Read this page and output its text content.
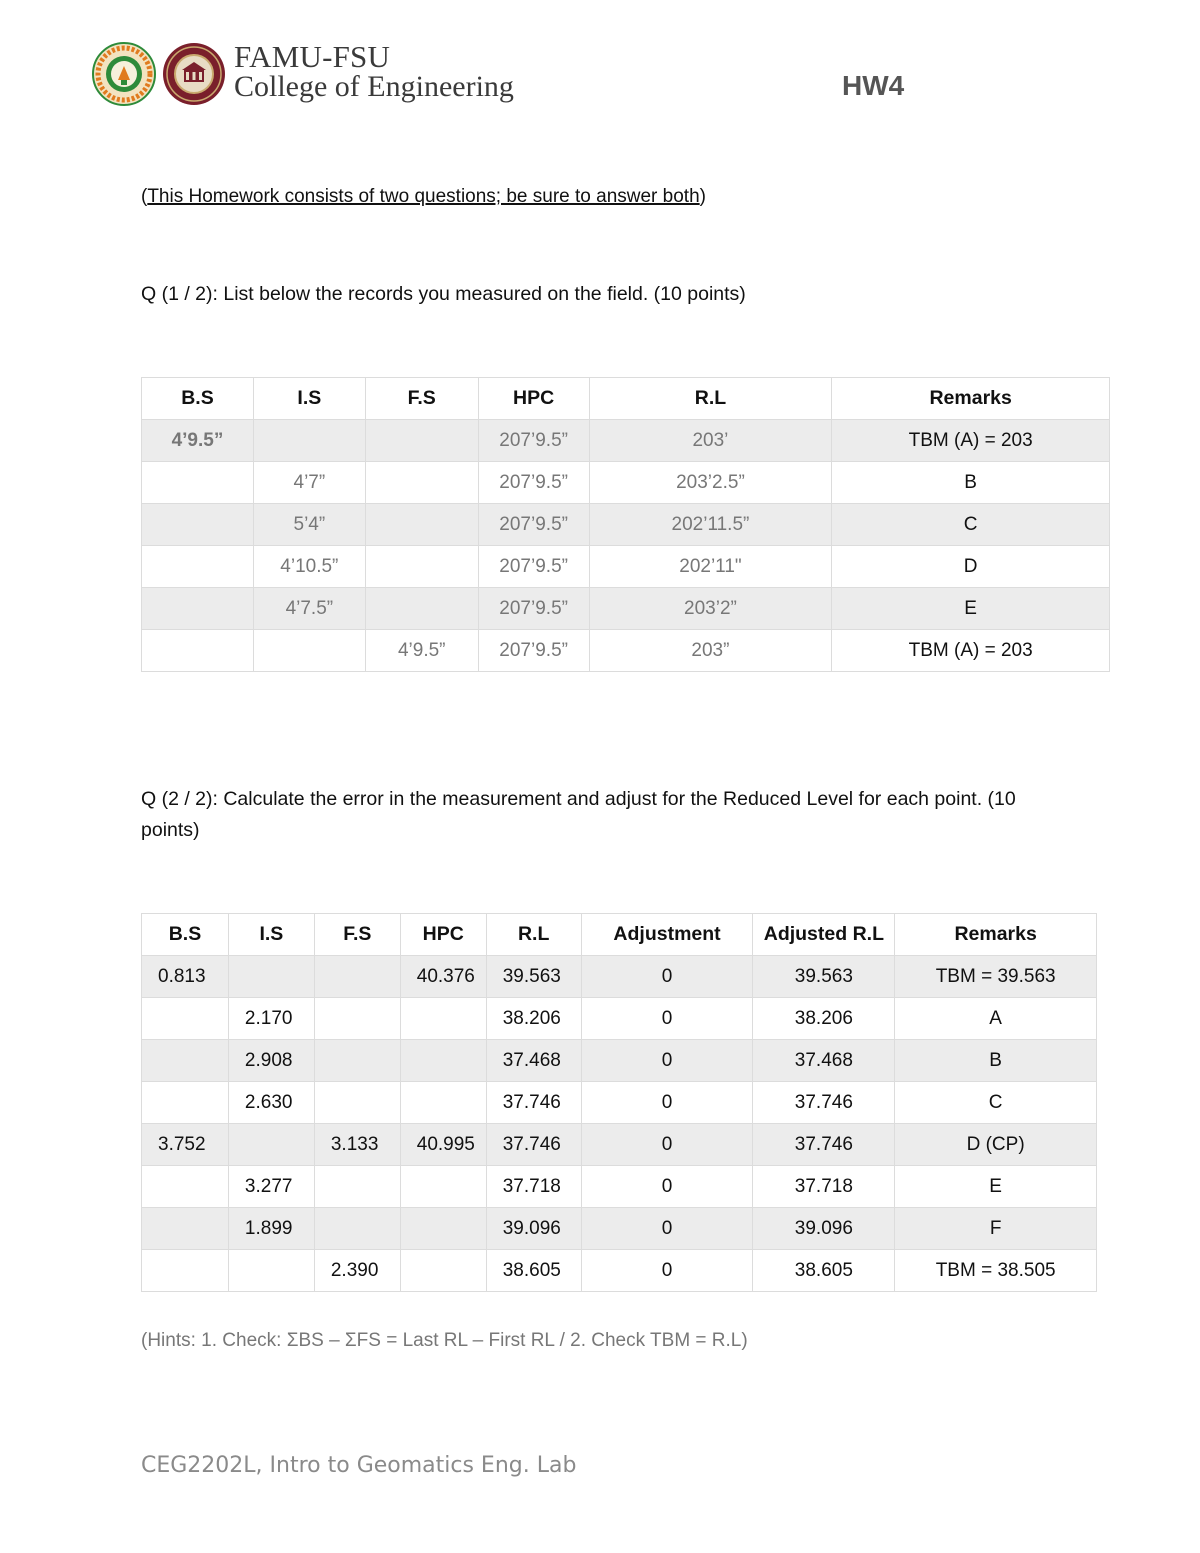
FAMU-FSU
College of Engineering	HW4
(This Homework consists of two questions; be sure to answer both)
Q (1 / 2): List below the records you measured on the field. (10 points)
B.S	I.S	F.S	HPC	R.L	Remarks
4’9.5”			207’9.5”	203’	TBM (A) = 203
	4’7”		207’9.5”	203’2.5”	B
	5’4”		207’9.5”	202’11.5”	C
	4’10.5”		207’9.5”	202’11"	D
	4’7.5”		207’9.5”	203’2”	E
		4’9.5”	207’9.5”	203”	TBM (A) = 203
Q (2 / 2): Calculate the error in the measurement and adjust for the Reduced Level for each point. (10 points)
B.S	I.S	F.S	HPC	R.L	Adjustment	Adjusted R.L	Remarks
0.813			40.376	39.563	0	39.563	TBM = 39.563
	2.170			38.206	0	38.206	A
	2.908			37.468	0	37.468	B
	2.630			37.746	0	37.746	C
3.752		3.133	40.995	37.746	0	37.746	D (CP)
	3.277			37.718	0	37.718	E
	1.899			39.096	0	39.096	F
		2.390		38.605	0	38.605	TBM = 38.505
(Hints: 1. Check: ΣBS – ΣFS = Last RL – First RL / 2. Check TBM = R.L)
CEG2202L, Intro to Geomatics Eng. Lab
